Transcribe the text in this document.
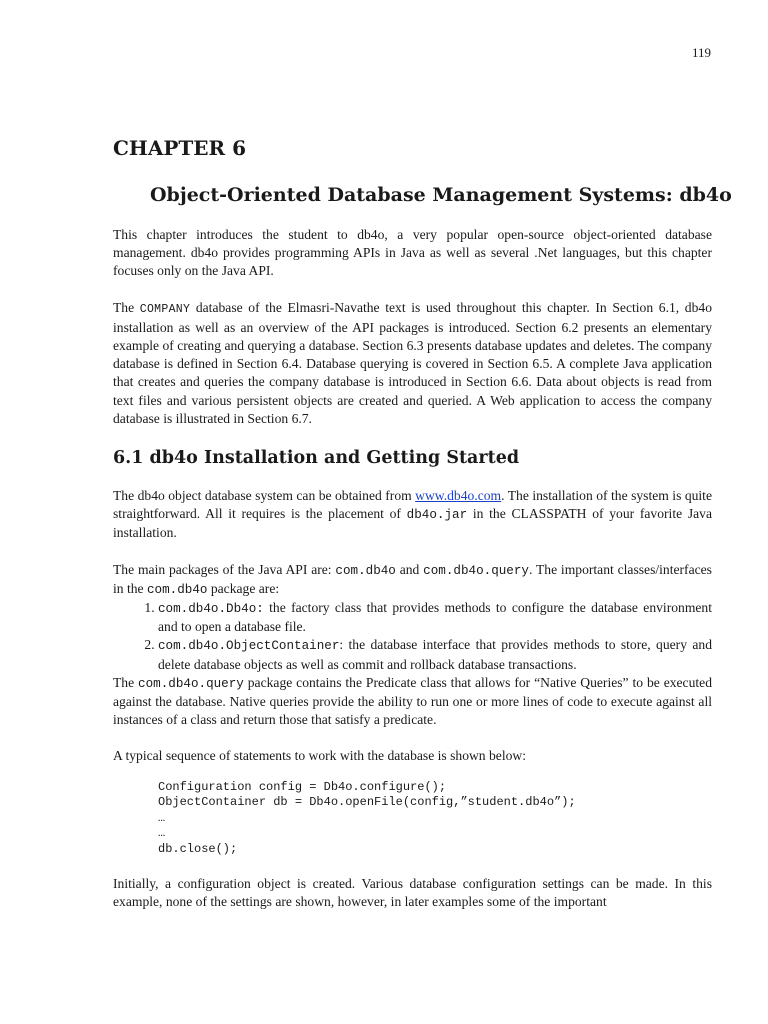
119
CHAPTER 6
Object-Oriented Database Management Systems: db4o

This chapter introduces the student to db4o, a very popular open-source object-oriented database management. db4o provides programming APIs in Java as well as several .Net languages, but this chapter focuses only on the Java API.

The COMPANY database of the Elmasri-Navathe text is used throughout this chapter. In Section 6.1, db4o installation as well as an overview of the API packages is introduced. Section 6.2 presents an elementary example of creating and querying a database. Section 6.3 presents database updates and deletes. The company database is defined in Section 6.4. Database querying is covered in Section 6.5. A complete Java application that creates and queries the company database is introduced in Section 6.6. Data about objects is read from text files and various persistent objects are created and queried. A Web application to access the company database is illustrated in Section 6.7.

6.1 db4o Installation and Getting Started

The db4o object database system can be obtained from www.db4o.com. The installation of the system is quite straightforward. All it requires is the placement of db4o.jar in the CLASSPATH of your favorite Java installation.

The main packages of the Java API are: com.db4o and com.db4o.query. The important classes/interfaces in the com.db4o package are:

1. com.db4o.Db4o: the factory class that provides methods to configure the database environment and to open a database file.
2. com.db4o.ObjectContainer: the database interface that provides methods to store, query and delete database objects as well as commit and rollback database transactions.

The com.db4o.query package contains the Predicate class that allows for “Native Queries” to be executed against the database. Native queries provide the ability to run one or more lines of code to execute against all instances of a class and return those that satisfy a predicate.

A typical sequence of statements to work with the database is shown below:

Configuration config = Db4o.configure();
ObjectContainer db = Db4o.openFile(config,”student.db4o”);
…
…
db.close();

Initially, a configuration object is created. Various database configuration settings can be made. In this example, none of the settings are shown, however, in later examples some of the important
